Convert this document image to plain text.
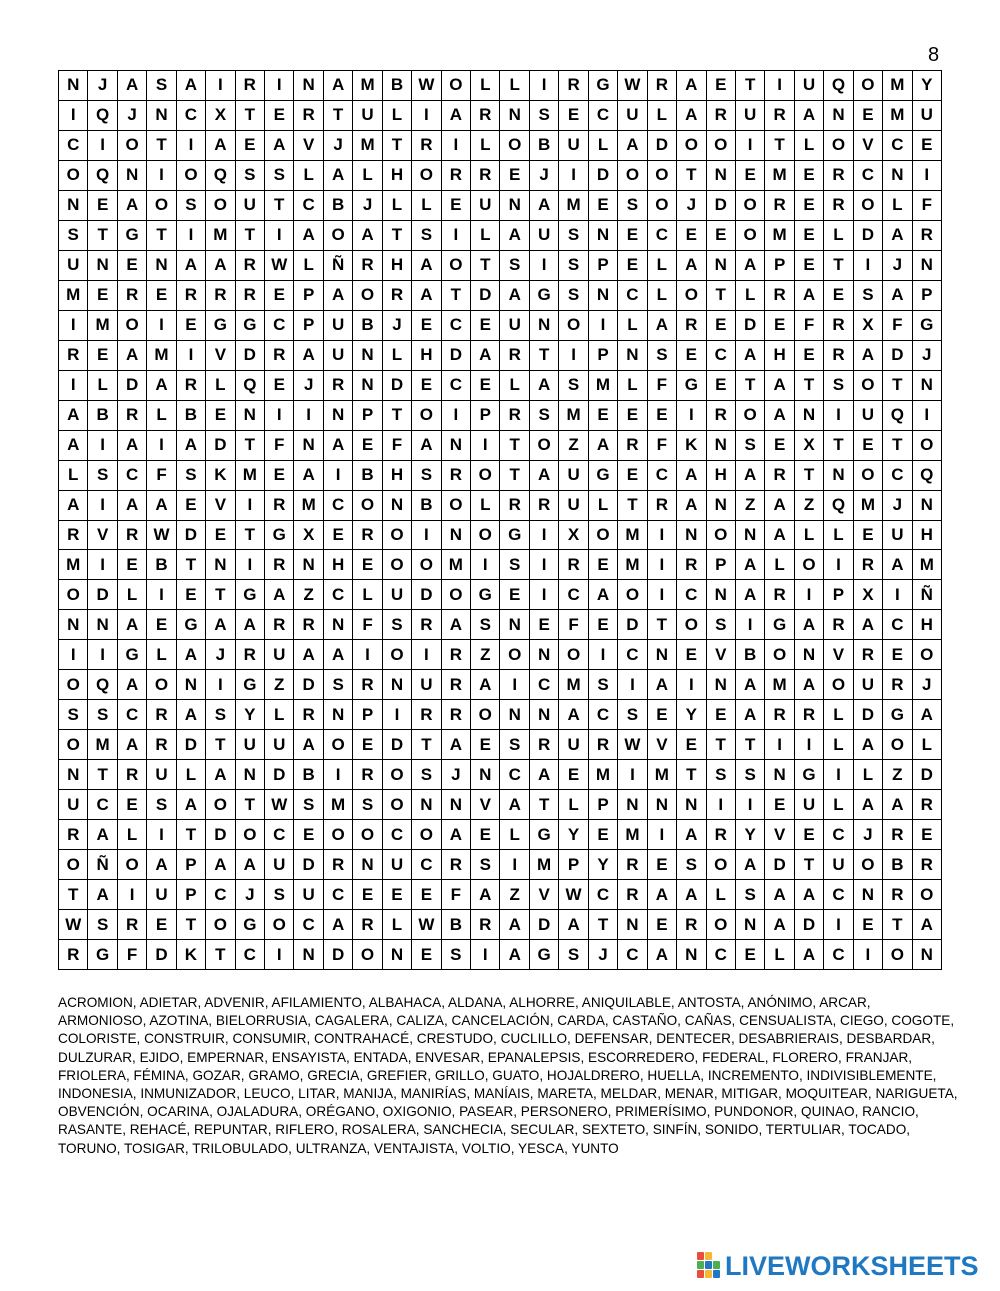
8
N	J	A	S	A	I	R	I	N	A M B W O	L	L	I	R G W R	A	E	T	I	U Q O M Y
I	Q	J	N	C	X	T	E	R	T	U	L	I	A	R	N	S	E	C	U	L	A	R	U	R	A	N	E M U
C	I	O	T	I	A	E	A	V	J	M	T	R	I	L	O B	U	L	A	D O O	I	T	L	O	V	C	E
O Q N	I	O Q	S	S	L	A	L	H O R	R	E	J	I	D O O	T	N	E M E	R	C	N	I
N	E	A O	S	O U	T	C	B	J	L	L	E	U	N	A M E	S	O	J	D O R	E	R O	L	F
S	T	G	T	I	M	T	I	A O A	T	S	I	L	A	U	S	N	E	C	E	E	O M E	L	D	A	R
U	N	E	N	A	A	R W L	Ñ	R	H	A O	T	S	I	S	P	E	L	A	N	A	P	E	T	I	J	N
M E	R	E	R	R	R	E	P	A O R	A	T	D	A G	S	N	C	L	O	T	L	R	A	E	S	A	P
I	M O	I	E	G G C	P	U	B	J	E	C	E	U	N O	I	L	A	R	E	D	E	F	R	X	F	G
R	E	A M	I	V	D	R	A	U	N	L	H	D	A	R	T	I	P	N	S	E	C	A	H	E	R	A	D	J
I	L	D	A	R	L	Q	E	J	R	N	D	E	C	E	L	A	S M	L	F	G	E	T	A	T	S	O	T	N
A	B	R	L	B	E	N	I	I	N	P	T	O	I	P	R	S M E	E	E	I	R O A	N	I	U Q	I
A	I	A	I	A	D	T	F	N	A	E	F	A	N	I	T	O	Z	A	R	F	K	N	S	E	X	T	E	T	O
L	S	C	F	S	K M E	A	I	B	H	S	R O	T	A	U G	E	C	A	H	A	R	T	N O C Q
A	I	A	A	E	V	I	R M C O N	B O	L	R	R	U	L	T	R	A	N	Z	A	Z	Q M	J	N
R	V	R W D	E	T	G	X	E	R O	I	N O G	I	X	O M	I	N O N	A	L	L	E	U	H
M	I	E	B	T	N	I	R	N	H	E	O O M	I	S	I	R	E M	I	R	P	A	L	O	I	R	A M
O D	L	I	E	T	G A	Z	C	L	U	D O G	E	I	C	A O	I	C	N	A	R	I	P	X	I	Ñ
N	N	A	E	G A	A	R	R	N	F	S	R	A	S	N	E	F	E	D	T	O	S	I	G A	R	A	C	H
I	I	G	L	A	J	R	U	A	A	I	O	I	R	Z	O N O	I	C	N	E	V	B O N	V	R	E	O
O Q A O N	I	G	Z	D	S	R	N	U	R	A	I	C M S	I	A	I	N	A M A O U	R	J
S	S	C	R	A	S	Y	L	R	N	P	I	R	R O N	N	A	C	S	E	Y	E	A	R	R	L	D G A
O M A	R	D	T	U	U	A O	E	D	T	A	E	S	R	U	R W V	E	T	T	I	I	L	A O	L
N	T	R	U	L	A	N	D	B	I	R O	S	J	N	C	A	E M	I	M	T	S	S	N G	I	L	Z	D
U	C	E	S	A O	T W S M S	O N	N	V	A	T	L	P	N	N	N	I	I	E	U	L	A	A	R
R	A	L	I	T	D O C	E	O O C O A	E	L	G	Y	E M	I	A	R	Y	V	E	C	J	R	E
O Ñ O A	P	A	A	U	D	R	N	U	C	R	S	I	M P	Y	R	E	S	O A	D	T	U O B	R
T	A	I	U	P	C	J	S	U	C	E	E	E	F	A	Z	V W C	R	A	A	L	S	A	A	C	N	R O
W S	R	E	T	O G O C	A	R	L W B	R	A	D	A	T	N	E	R O N	A	D	I	E	T	A
R G	F	D	K	T	C	I	N	D O N	E	S	I	A G	S	J	C	A	N	C	E	L	A	C	I	O N
ACROMION, ADIETAR, ADVENIR, AFILAMIENTO, ALBAHACA, ALDANA, ALHORRE, ANIQUILABLE, ANTOSTA, ANÓNIMO, ARCAR, ARMONIOSO, AZOTINA, BIELORRUSIA, CAGALERA, CALIZA, CANCELACIÓN, CARDA, CASTAÑO, CAÑAS, CENSUALISTA, CIEGO, COGOTE, COLORISTE, CONSTRUIR, CONSUMIR, CONTRAHACÉ, CRESTUDO, CUCLILLO, DEFENSAR, DENTECER, DESABRIERAIS, DESBARDAR, DULZURAR, EJIDO, EMPERNAR, ENSAYISTA, ENTADA, ENVESAR, EPANALEPSIS, ESCORREDERO, FEDERAL, FLORERO, FRANJAR, FRIOLERA, FÉMINA, GOZAR, GRAMO, GRECIA, GREFIER, GRILLO, GUATO, HOJALDRERO, HUELLA, INCREMENTO, INDIVISIBLEMENTE, INDONESIA, INMUNIZADOR, LEUCO, LITAR, MANIJA, MANIRÍAS, MANÍAIS, MARETA, MELDAR, MENAR, MITIGAR, MOQUITEAR, NARIGUETA, OBVENCIÓN, OCARINA, OJALADURA, ORÉGANO, OXIGONIO, PASEAR, PERSONERO, PRIMERÍSIMO, PUNDONOR, QUINAO, RANCIO, RASANTE, REHACÉ, REPUNTAR, RIFLERO, ROSALERA, SANCHECIA, SECULAR, SEXTETO, SINFÍN, SONIDO, TERTULIAR, TOCADO, TORUNO, TOSIGAR, TRILOBULADO, ULTRANZA, VENTAJISTA, VOLTIO, YESCA, YUNTO
LIVEWORKSHEETS
